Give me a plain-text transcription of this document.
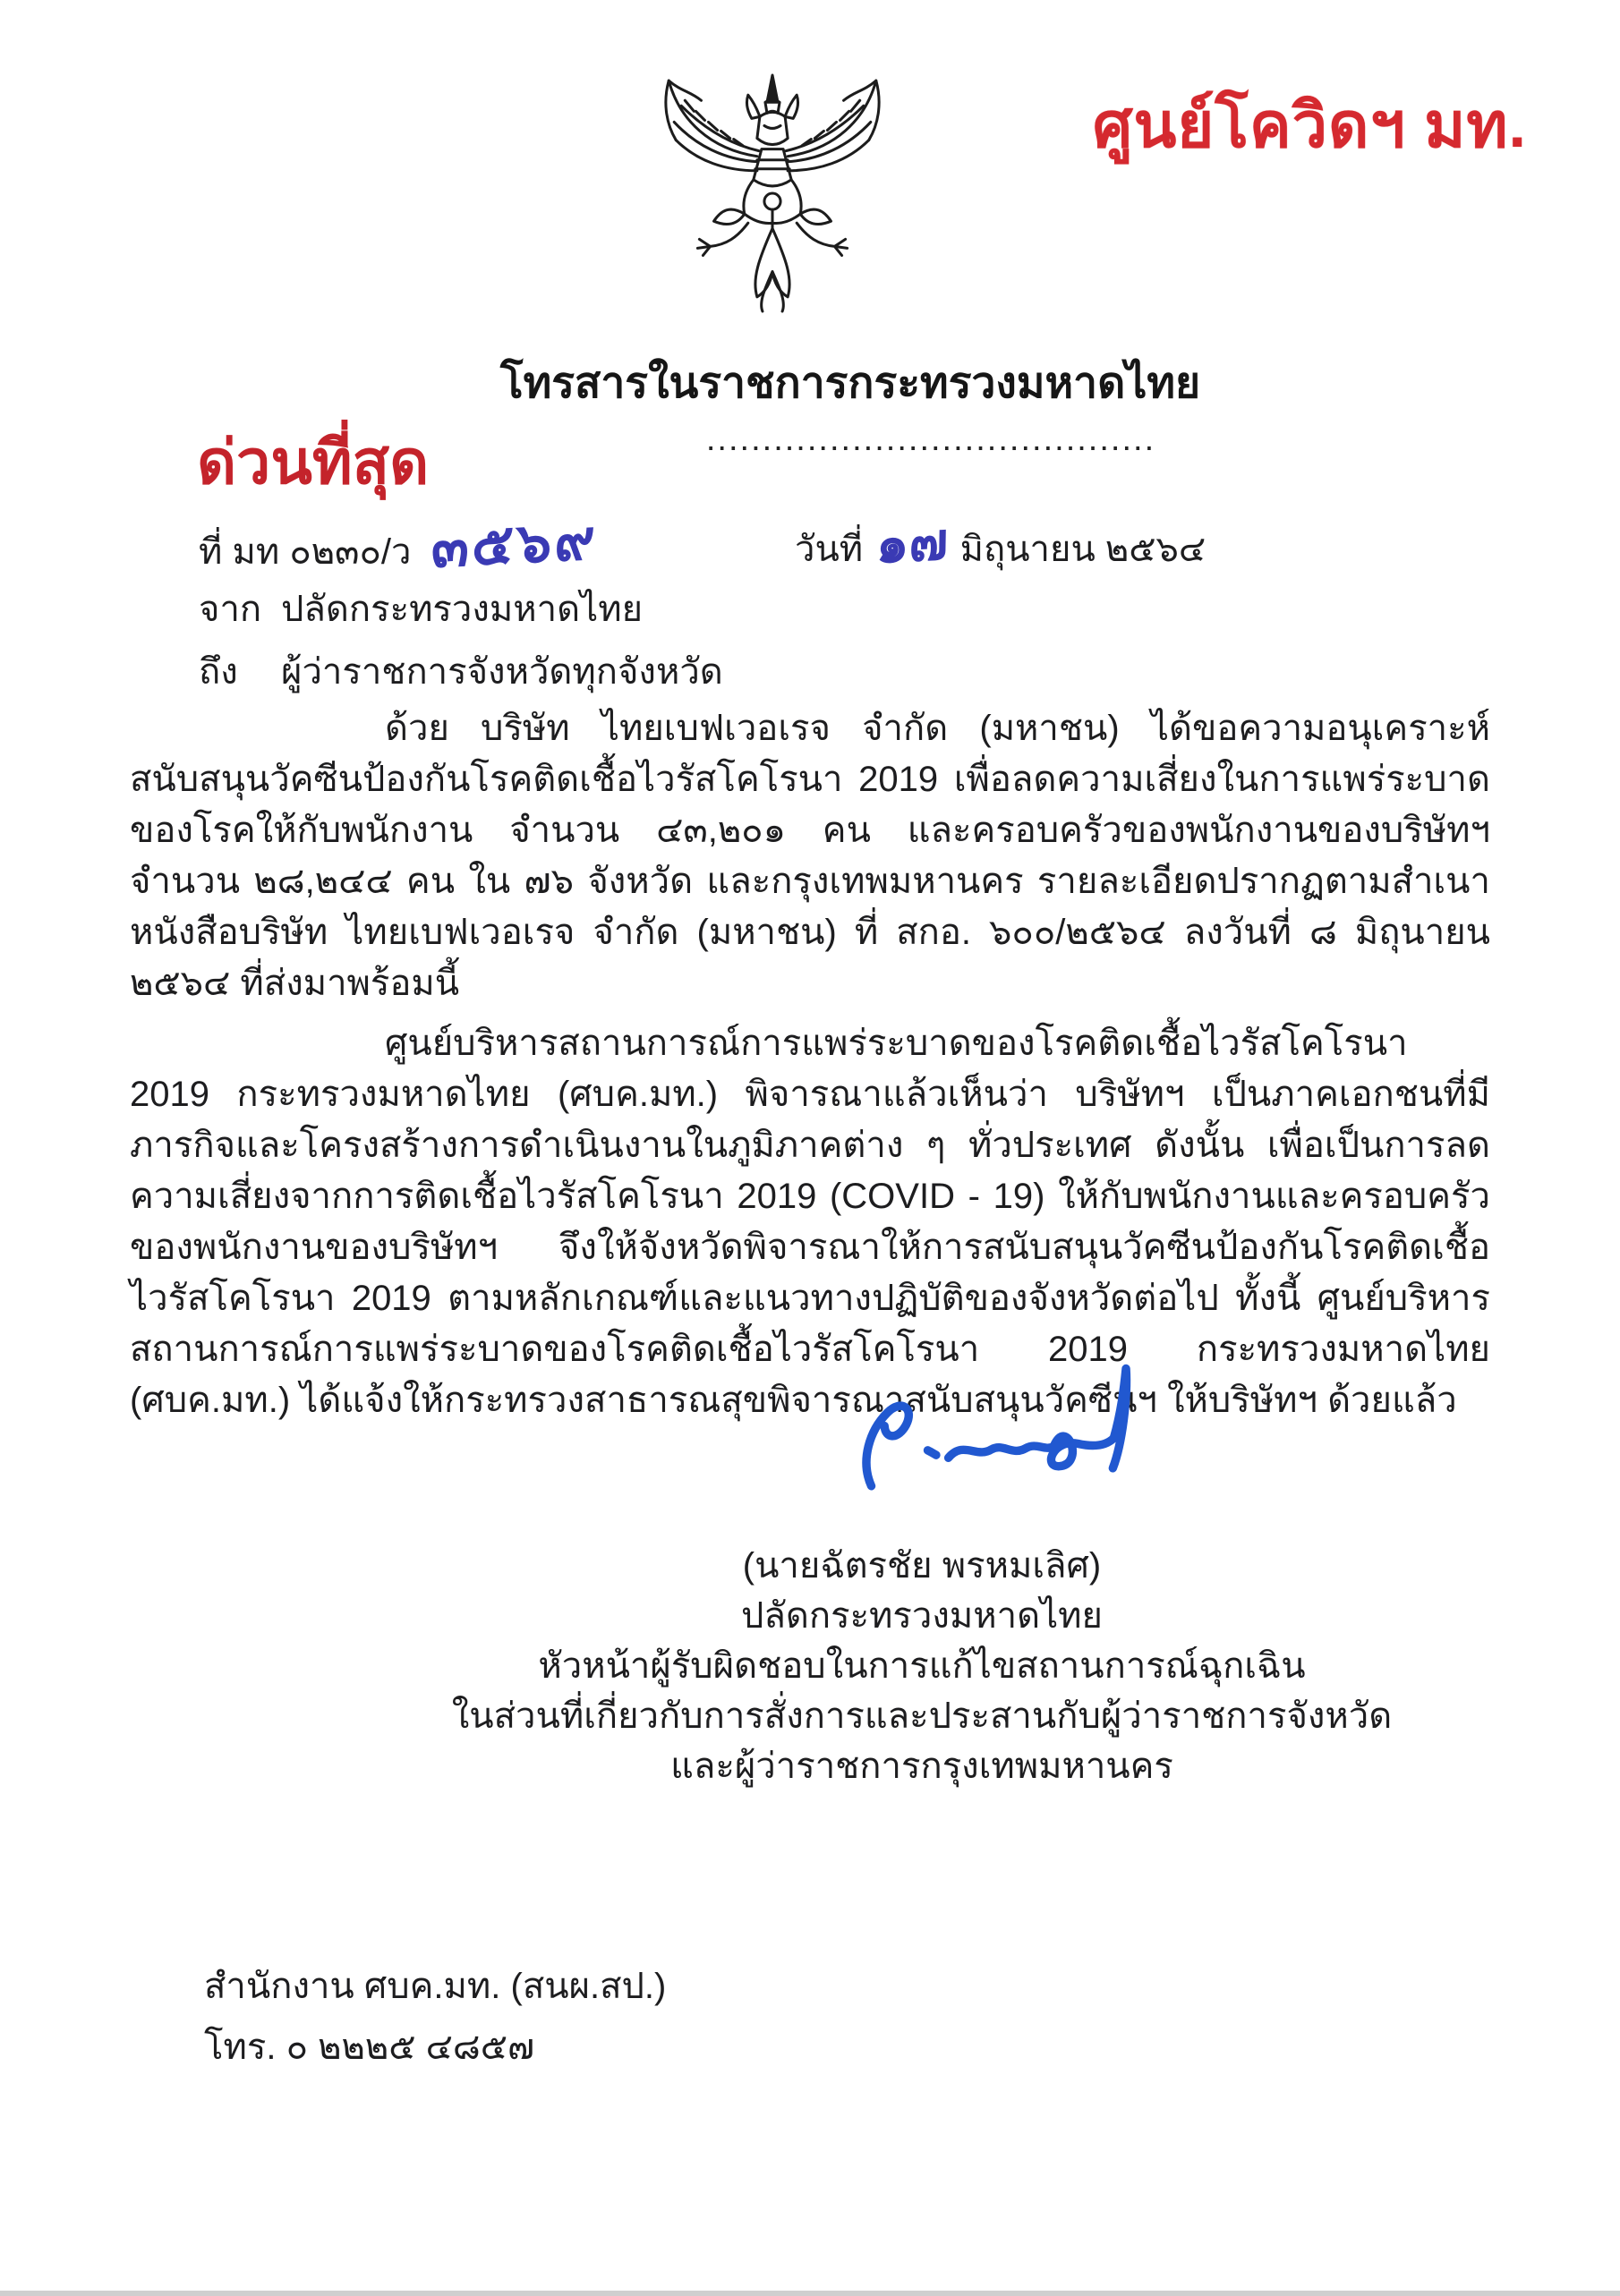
ศูนย์โควิดฯ มท.
โทรสารในราชการกระทรวงมหาดไทย
........................................
ด่วนที่สุด
ที่ มท ๐๒๓๐/ว ๓๕๖๙	วันที่ ๑๗ มิถุนายน ๒๕๖๔
จาก ปลัดกระทรวงมหาดไทย
ถึง	ผู้ว่าราชการจังหวัดทุกจังหวัด

ด้วย บริษัท ไทยเบฟเวอเรจ จำกัด (มหาชน) ได้ขอความอนุเคราะห์สนับสนุนวัคซีนป้องกันโรคติดเชื้อไวรัสโคโรนา 2019 เพื่อลดความเสี่ยงในการแพร่ระบาดของโรคให้กับพนักงาน จำนวน ๔๓,๒๐๑ คน และครอบครัวของพนักงานของบริษัทฯ จำนวน ๒๘,๒๔๔ คน ใน ๗๖ จังหวัด และกรุงเทพมหานคร รายละเอียดปรากฏตามสำเนาหนังสือบริษัท ไทยเบฟเวอเรจ จำกัด (มหาชน) ที่ สกอ. ๖๐๐/๒๕๖๔ ลงวันที่ ๘ มิถุนายน ๒๕๖๔ ที่ส่งมาพร้อมนี้

ศูนย์บริหารสถานการณ์การแพร่ระบาดของโรคติดเชื้อไวรัสโคโรนา 2019 กระทรวงมหาดไทย (ศบค.มท.) พิจารณาแล้วเห็นว่า บริษัทฯ เป็นภาคเอกชนที่มีภารกิจและโครงสร้างการดำเนินงานในภูมิภาคต่าง ๆ ทั่วประเทศ ดังนั้น เพื่อเป็นการลดความเสี่ยงจากการติดเชื้อไวรัสโคโรนา 2019 (COVID - 19) ให้กับพนักงานและครอบครัวของพนักงานของบริษัทฯ จึงให้จังหวัดพิจารณาให้การสนับสนุนวัคซีนป้องกันโรคติดเชื้อไวรัสโคโรนา 2019 ตามหลักเกณฑ์และแนวทางปฏิบัติของจังหวัดต่อไป ทั้งนี้ ศูนย์บริหารสถานการณ์การแพร่ระบาดของโรคติดเชื้อไวรัสโคโรนา 2019 กระทรวงมหาดไทย (ศบค.มท.) ได้แจ้งให้กระทรวงสาธารณสุขพิจารณาสนับสนุนวัคซีนฯ ให้บริษัทฯ ด้วยแล้ว

(นายฉัตรชัย พรหมเลิศ)
ปลัดกระทรวงมหาดไทย
หัวหน้าผู้รับผิดชอบในการแก้ไขสถานการณ์ฉุกเฉิน
ในส่วนที่เกี่ยวกับการสั่งการและประสานกับผู้ว่าราชการจังหวัด
และผู้ว่าราชการกรุงเทพมหานคร
สำนักงาน ศบค.มท. (สนผ.สป.)
โทร. ๐ ๒๒๒๕ ๔๘๕๗
